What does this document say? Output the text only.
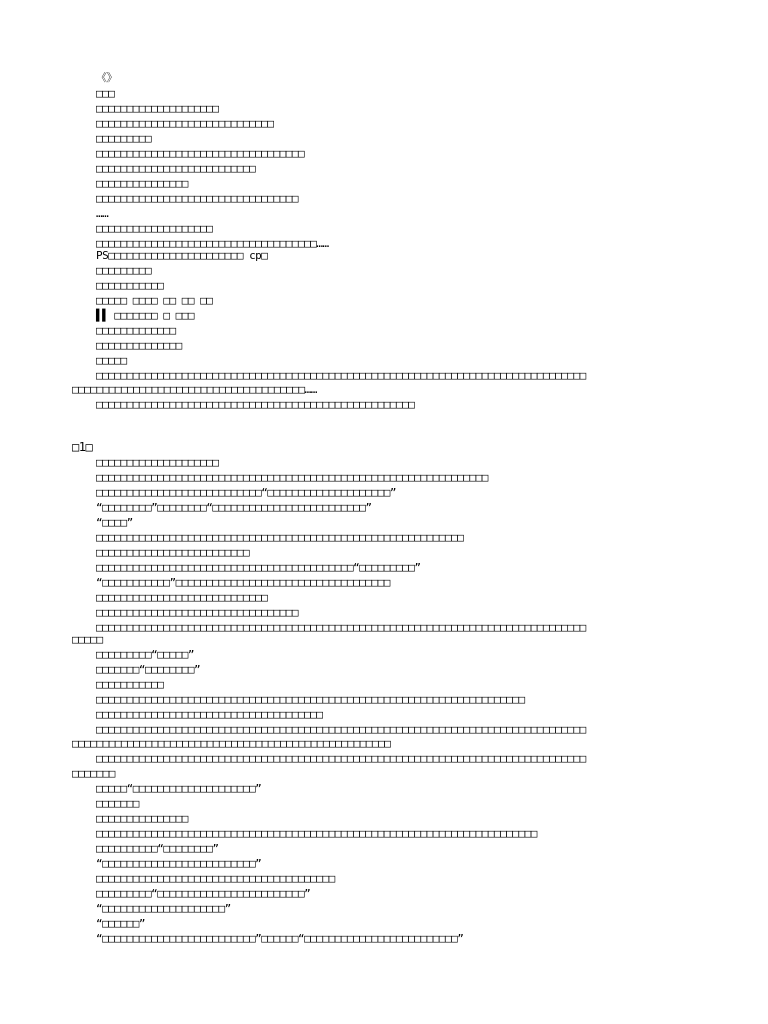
《》
□□□
□□□□□□□□□□□□□□□□□□□□
□□□□□□□□□□□□□□□□□□□□□□□□□□□□□
□□□□□□□□□
□□□□□□□□□□□□□□□□□□□□□□□□□□□□□□□□□□
□□□□□□□□□□□□□□□□□□□□□□□□□□
□□□□□□□□□□□□□□□
□□□□□□□□□□□□□□□□□□□□□□□□□□□□□□□□□
……
□□□□□□□□□□□□□□□□□□□
□□□□□□□□□□□□□□□□□□□□□□□□□□□□□□□□□□□□……
PS□□□□□□□□□□□□□□□□□□□□□□ cp□
□□□□□□□□□
□□□□□□□□□□□
□□□□□ □□□□ □□ □□ □□
▌▌ □□□□□□□ □ □□□
□□□□□□□□□□□□□
□□□□□□□□□□□□□□
□□□□□
□□□□□□□□□□□□□□□□□□□□□□□□□□□□□□□□□□□□□□□□□□□□□□□□□□□□□□□□□□□□□□□□□□□□□□□□□□□□□□□□
□□□□□□□□□□□□□□□□□□□□□□□□□□□□□□□□□□□□□□……
□□□□□□□□□□□□□□□□□□□□□□□□□□□□□□□□□□□□□□□□□□□□□□□□□□□□
□1□
□□□□□□□□□□□□□□□□□□□□
□□□□□□□□□□□□□□□□□□□□□□□□□□□□□□□□□□□□□□□□□□□□□□□□□□□□□□□□□□□□□□□□
□□□□□□□□□□□□□□□□□□□□□□□□□□□“□□□□□□□□□□□□□□□□□□□□”
“□□□□□□□□”□□□□□□□□“□□□□□□□□□□□□□□□□□□□□□□□□□”
“□□□□”
□□□□□□□□□□□□□□□□□□□□□□□□□□□□□□□□□□□□□□□□□□□□□□□□□□□□□□□□□□□□
□□□□□□□□□□□□□□□□□□□□□□□□□
□□□□□□□□□□□□□□□□□□□□□□□□□□□□□□□□□□□□□□□□□□“□□□□□□□□□”
“□□□□□□□□□□□”□□□□□□□□□□□□□□□□□□□□□□□□□□□□□□□□□□□
□□□□□□□□□□□□□□□□□□□□□□□□□□□□
□□□□□□□□□□□□□□□□□□□□□□□□□□□□□□□□□
□□□□□□□□□□□□□□□□□□□□□□□□□□□□□□□□□□□□□□□□□□□□□□□□□□□□□□□□□□□□□□□□□□□□□□□□□□□□□□□□
□□□□□
□□□□□□□□□“□□□□□”
□□□□□□□“□□□□□□□□”
□□□□□□□□□□□
□□□□□□□□□□□□□□□□□□□□□□□□□□□□□□□□□□□□□□□□□□□□□□□□□□□□□□□□□□□□□□□□□□□□□□
□□□□□□□□□□□□□□□□□□□□□□□□□□□□□□□□□□□□□
□□□□□□□□□□□□□□□□□□□□□□□□□□□□□□□□□□□□□□□□□□□□□□□□□□□□□□□□□□□□□□□□□□□□□□□□□□□□□□□□
□□□□□□□□□□□□□□□□□□□□□□□□□□□□□□□□□□□□□□□□□□□□□□□□□□□□
□□□□□□□□□□□□□□□□□□□□□□□□□□□□□□□□□□□□□□□□□□□□□□□□□□□□□□□□□□□□□□□□□□□□□□□□□□□□□□□□
□□□□□□□
□□□□□“□□□□□□□□□□□□□□□□□□□□”
□□□□□□□
□□□□□□□□□□□□□□□
□□□□□□□□□□□□□□□□□□□□□□□□□□□□□□□□□□□□□□□□□□□□□□□□□□□□□□□□□□□□□□□□□□□□□□□□
□□□□□□□□□□“□□□□□□□□”
“□□□□□□□□□□□□□□□□□□□□□□□□□”
□□□□□□□□□□□□□□□□□□□□□□□□□□□□□□□□□□□□□□□
□□□□□□□□□“□□□□□□□□□□□□□□□□□□□□□□□□”
“□□□□□□□□□□□□□□□□□□□□”
“□□□□□□”
“□□□□□□□□□□□□□□□□□□□□□□□□□”□□□□□□“□□□□□□□□□□□□□□□□□□□□□□□□□”
